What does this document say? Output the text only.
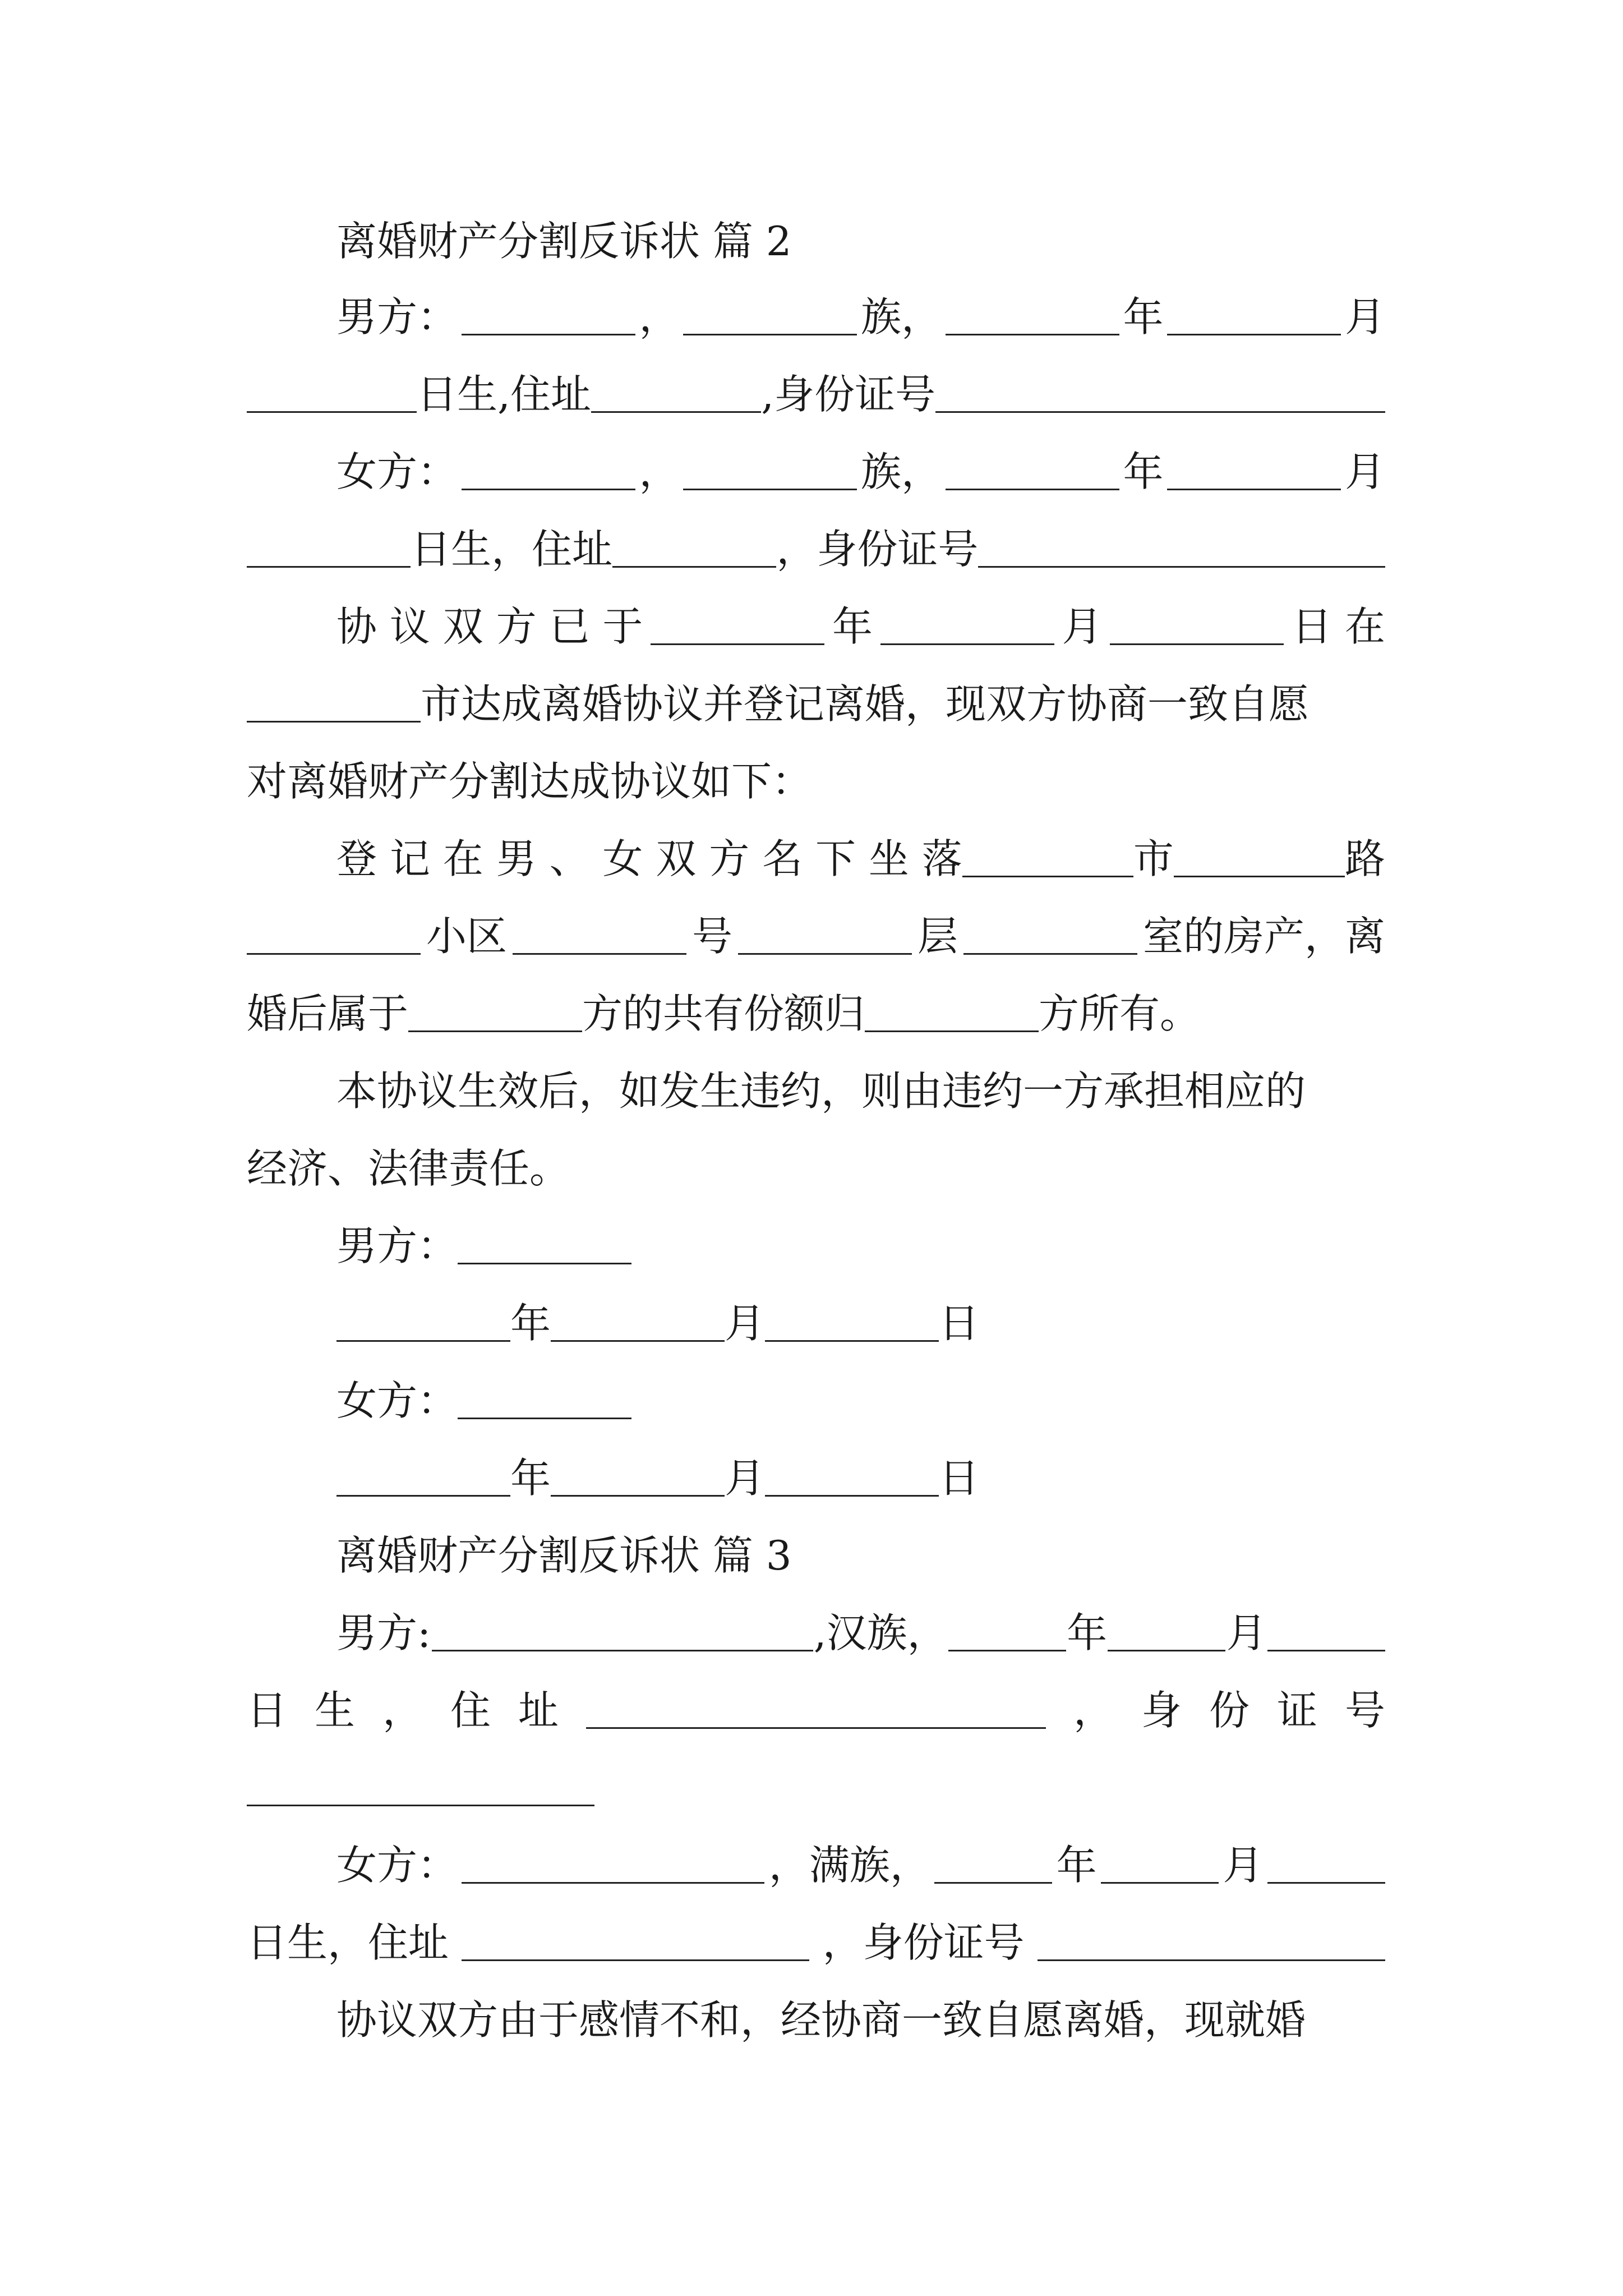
离婚财产分割反诉状 篇 2
男方：	，	族，	年	月
日生,住址	,身份证号
女方：	，	族，	年	月
日生，住址	，身份证号
协 议 双 方 已 于	年	月	日 在
市达成离婚协议并登记离婚，现双方协商一致自愿
对离婚财产分割达成协议如下：
登 记 在 男 、 女 双 方 名 下 坐 落	市	路
小区	号	层	室的房产，离
婚后属于	方的共有份额归	方所有。
本协议生效后，如发生违约，则由违约一方承担相应的
经济、法律责任。
男方：
年	月	日
女方：
年	月	日
离婚财产分割反诉状 篇 3
男方:	,汉族，	年	月
日 生 ， 住 址	， 身 份 证 号
女方：	，满族，	年	月
日生，住址	，身份证号
协议双方由于感情不和，经协商一致自愿离婚，现就婚
